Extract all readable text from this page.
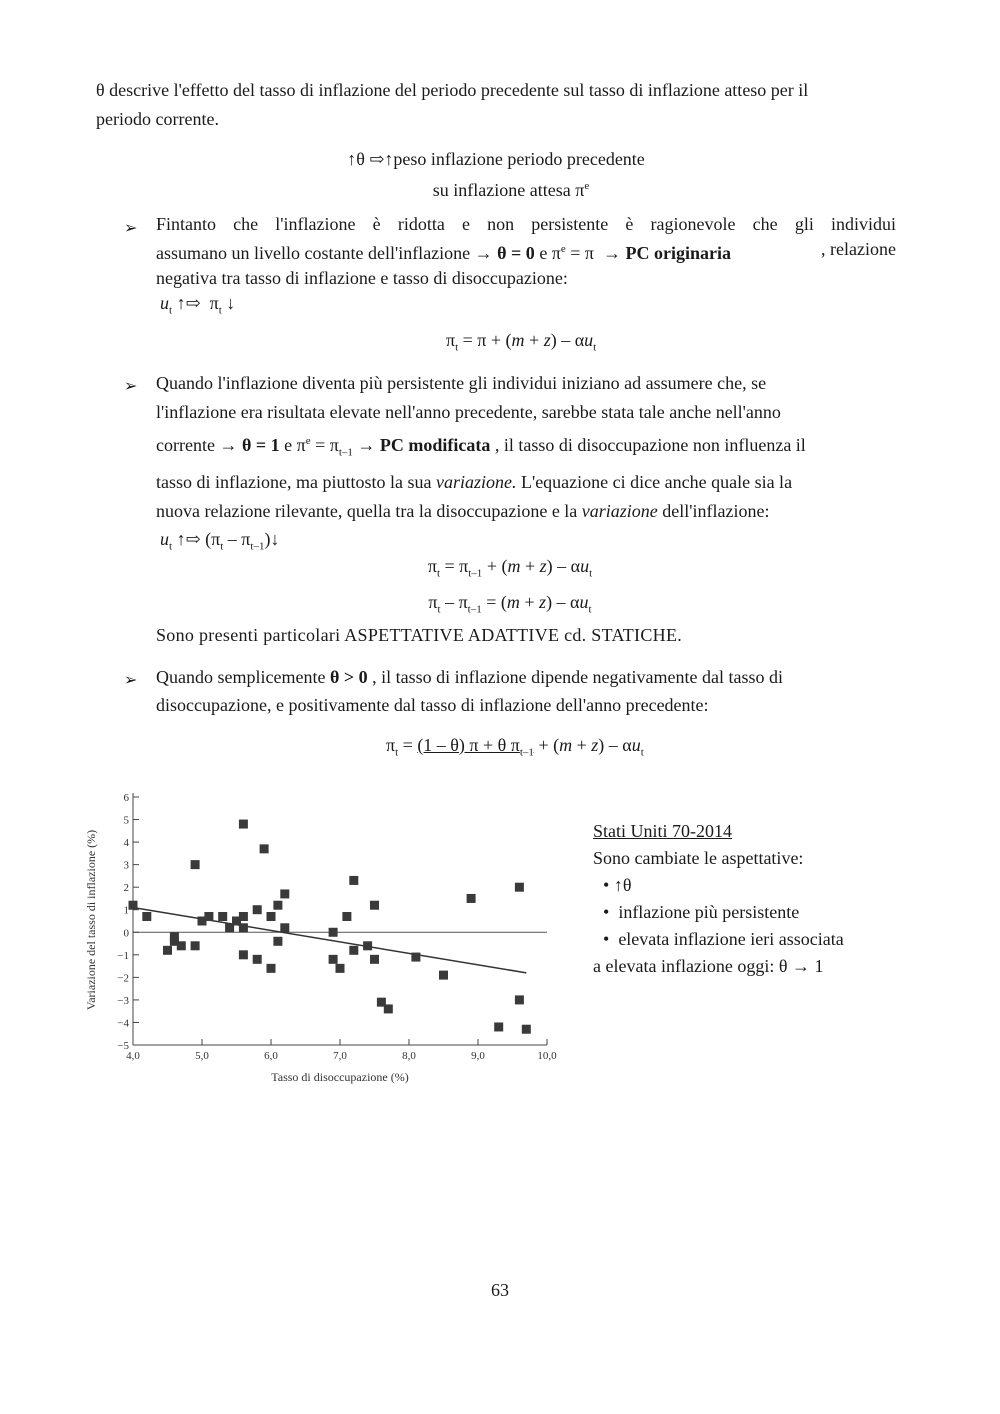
θ descrive l'effetto del tasso di inflazione del periodo precedente sul tasso di inflazione atteso per il
periodo corrente.
↑θ ⇨↑peso inflazione periodo precedente
su inflazione attesa $\pi^e$
➢ Fintanto che l'inflazione è ridotta e non persistente è ragionevole che gli individui
assumano un livello costante dell'inflazione → θ = 0 e $\pi^e = \pi$  → PC originaria	, relazione
negativa tra tasso di inflazione e tasso di disoccupazione:
$u_t$ ↑⇨  $\pi_t$ ↓
$\pi_t = \pi + (m + z) - \alpha u_t$
➢ Quando l'inflazione diventa più persistente gli individui iniziano ad assumere che, se
l'inflazione era risultata elevate nell'anno precedente, sarebbe stata tale anche nell'anno
corrente → θ = 1 e $\pi^e = \pi_{t-1}$ → PC modificata , il tasso di disoccupazione non influenza il
tasso di inflazione, ma piuttosto la sua variazione. L'equazione ci dice anche quale sia la
nuova relazione rilevante, quella tra la disoccupazione e la variazione dell'inflazione:
$u_t$ ↑⇨ ($\pi_t$ – $\pi_{t-1})↓$
$\pi_t = \pi_{t-1} + (m + z) - \alpha u_t$
$\pi_t - \pi_{t-1} = (m + z) - \alpha u_t$
Sono presenti particolari ASPETTATIVE ADATTIVE cd. STATICHE.
➢ Quando semplicemente θ > 0 , il tasso di inflazione dipende negativamente dal tasso di
disoccupazione, e positivamente dal tasso di inflazione dell'anno precedente:
$\pi_t = (1 - \theta) \pi + \theta$ $\pi_{t-1} + (m + z) - \alpha u_t$
6
5
4
3
2
1
0
−1
−2
−3
−4
−5
4,0	5,0	6,0	7,0	8,0	9,0	10,0
Tasso di disoccupazione (%)
Variazione del tasso di inflazione (%)	Stati Uniti 70-2014
Sono cambiate le aspettative:
• ↑θ
•  inflazione più persistente
•  elevata inflazione ieri associata
a elevata inflazione oggi: θ → 1
63
